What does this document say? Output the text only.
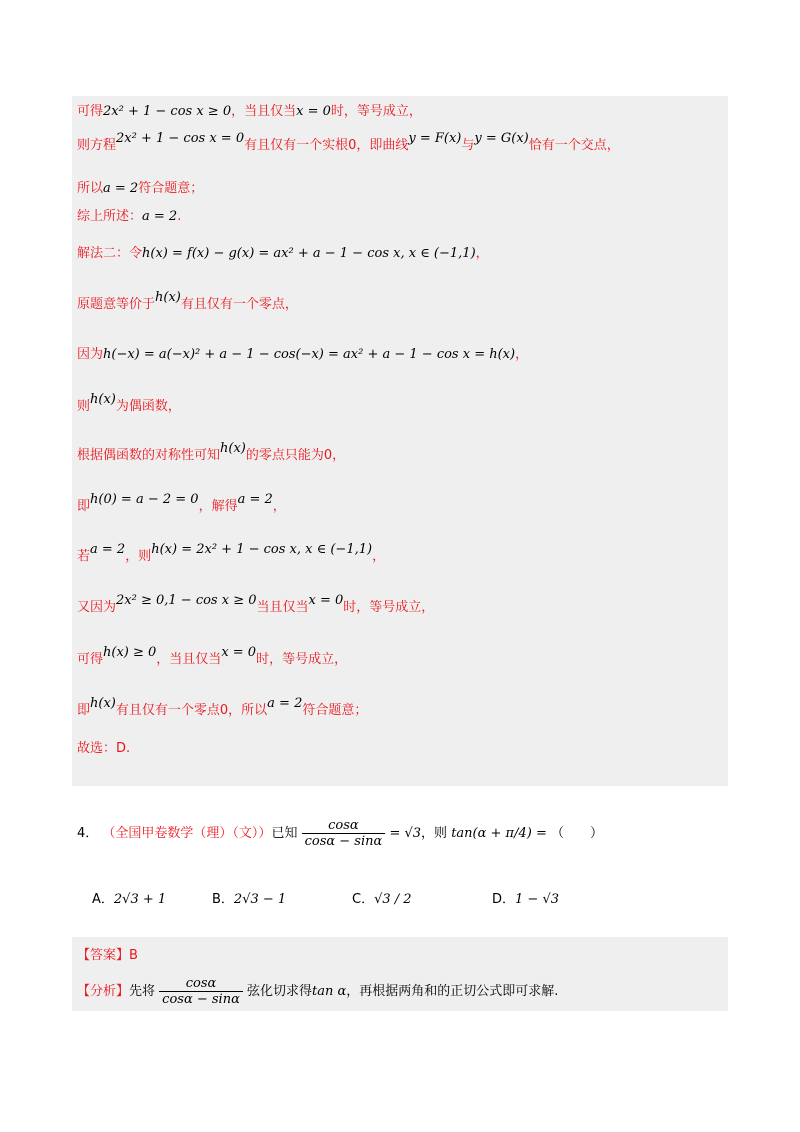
可得2x² + 1 − cos x ≥ 0，当且仅当x = 0时，等号成立，
则方程2x² + 1 − cos x = 0有且仅有一个实根0，即曲线y = F(x)与y = G(x)恰有一个交点，
所以a = 2符合题意；
综上所述：a = 2.
解法二：令h(x) = f(x) − g(x) = ax² + a − 1 − cos x, x ∈ (−1,1)，
原题意等价于h(x)有且仅有一个零点，
因为h(−x) = a(−x)² + a − 1 − cos(−x) = ax² + a − 1 − cos x = h(x)，
则h(x)为偶函数，
根据偶函数的对称性可知h(x)的零点只能为0，
即h(0) = a − 2 = 0，解得a = 2，
若a = 2，则h(x) = 2x² + 1 − cos x, x ∈ (−1,1)，
又因为2x² ≥ 0,1 − cos x ≥ 0当且仅当x = 0时，等号成立，
可得h(x) ≥ 0，当且仅当x = 0时，等号成立，
即h(x)有且仅有一个零点0，所以a = 2符合题意；
故选：D.
4． （全国甲卷数学（理）（文））已知 $\frac{\cos\alpha}{\cos\alpha - \sin\alpha} = √3$，则 tan(α + π/4) = （　　）
A．2√3 + 1	B．2√3 − 1	C．√3 / 2	D．1 − √3
【答案】B
【分析】先将 $\frac{\cos\alpha}{\cos\alpha - \sin\alpha}$ 弦化切求得tan α，再根据两角和的正切公式即可求解.
